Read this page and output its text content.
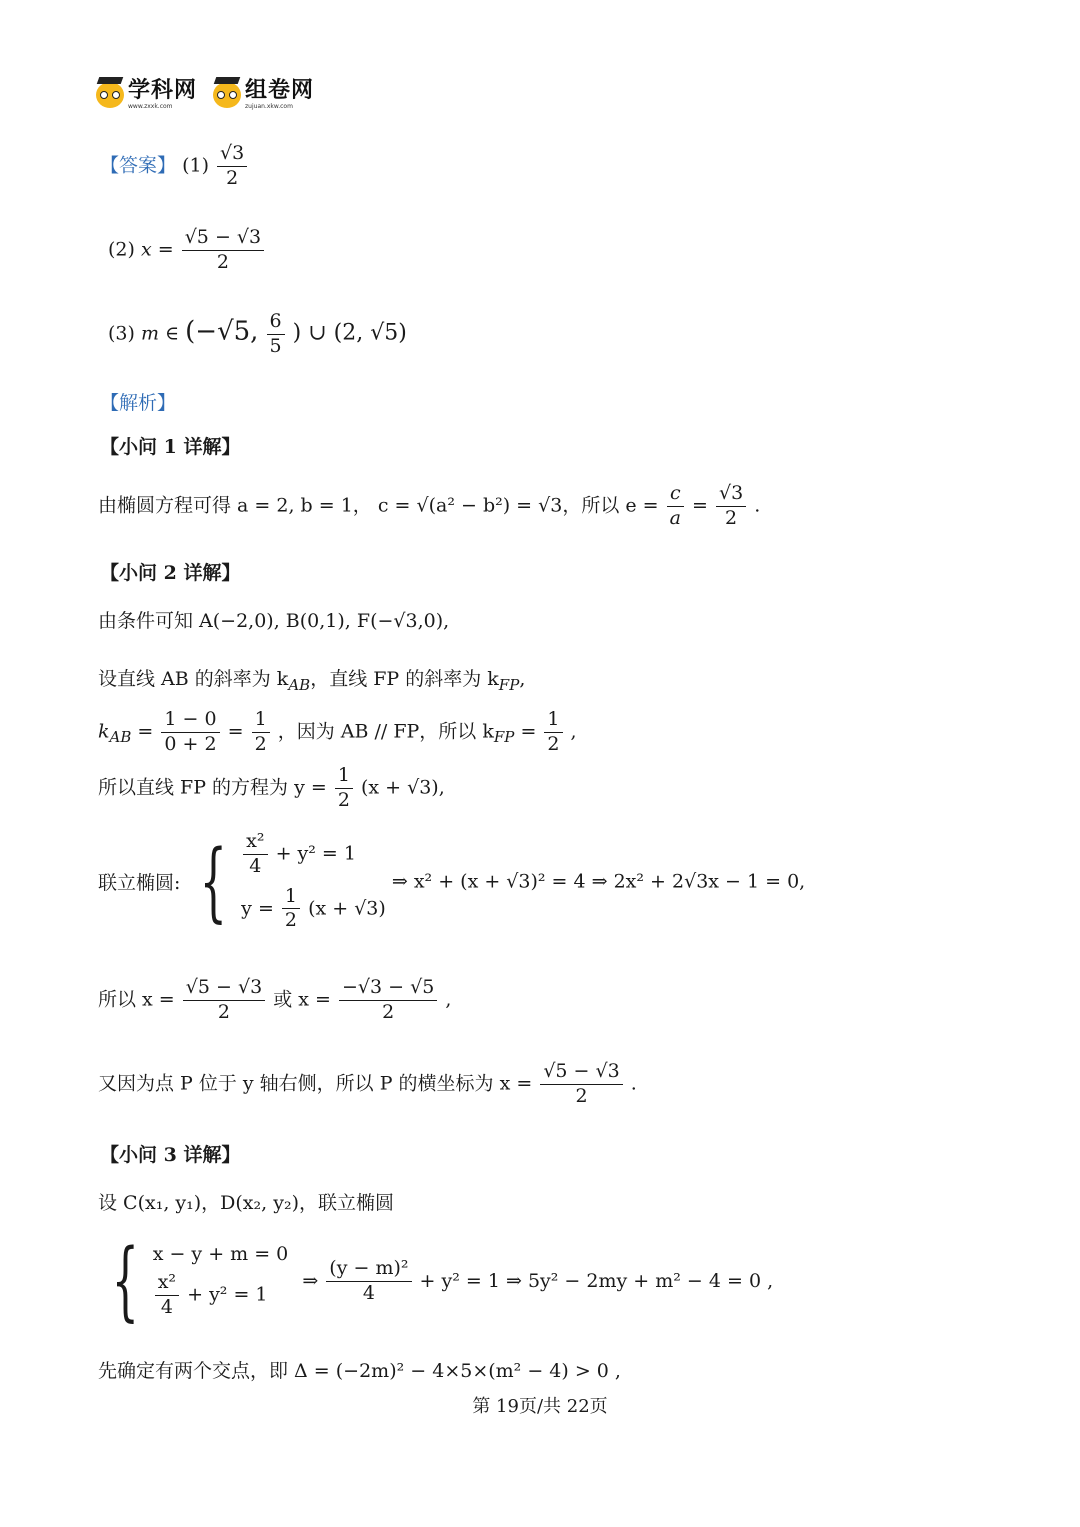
学科网
www.zxxk.com
组卷网
zujuan.xkw.com
【答案】 $(1) \frac{√3}{2}$
(2) $x = \frac{√5 - √3}{2}$
(3) m ∈ (−√5, $\frac{6}{5}$ ) ∪ (2, √5)
【解析】
【小问 1 详解】
由椭圆方程可得 a = 2, b = 1， c = √(a² − b²) = √3，所以 $e = \frac{c}{a} = \frac{√3}{2}$ .
【小问 2 详解】
由条件可知 A(−2,0), B(0,1), F(−√3,0),
设直线 AB 的斜率为 $k_{AB}$，直线 FP 的斜率为 $k_{FP}$,
$k_{AB} = \frac{1 - 0}{0 + 2} = \frac{1}{2}$ ，因为 AB // FP，所以 $k_{FP} = \frac{1}{2}$ ,
所以直线 FP 的方程为 $y = \frac{1}{2} (x + √3)$,
联立椭圆: { $\frac{\text{x²}}{4} + y^2 = 1$
$y = \frac{1}{2} (x + √3)$
⇒ x² + (x + √3)² = 4 ⇒ 2x² + 2√3x − 1 = 0,
所以 $x = \frac{√5 - √3}{2}$ 或 $x = \frac{-√3 - √5}{2}$ ,
又因为点 P 位于 y 轴右侧，所以 P 的横坐标为 $x = \frac{√5 - √3}{2}$ .
【小问 3 详解】
设 C(x₁, y₁)，D(x₂, y₂)，联立椭圆
{ x − y + m = 0
$\frac{\text{x²}}{4} + y^2 = 1$
⇒ $\frac{\text{(y − m)²}}{4} + y^2 = 1$ ⇒ 5y² − 2my + m² − 4 = 0 ,
先确定有两个交点，即 Δ = (−2m)² − 4×5×(m² − 4) > 0 ,
第 19页/共 22页
